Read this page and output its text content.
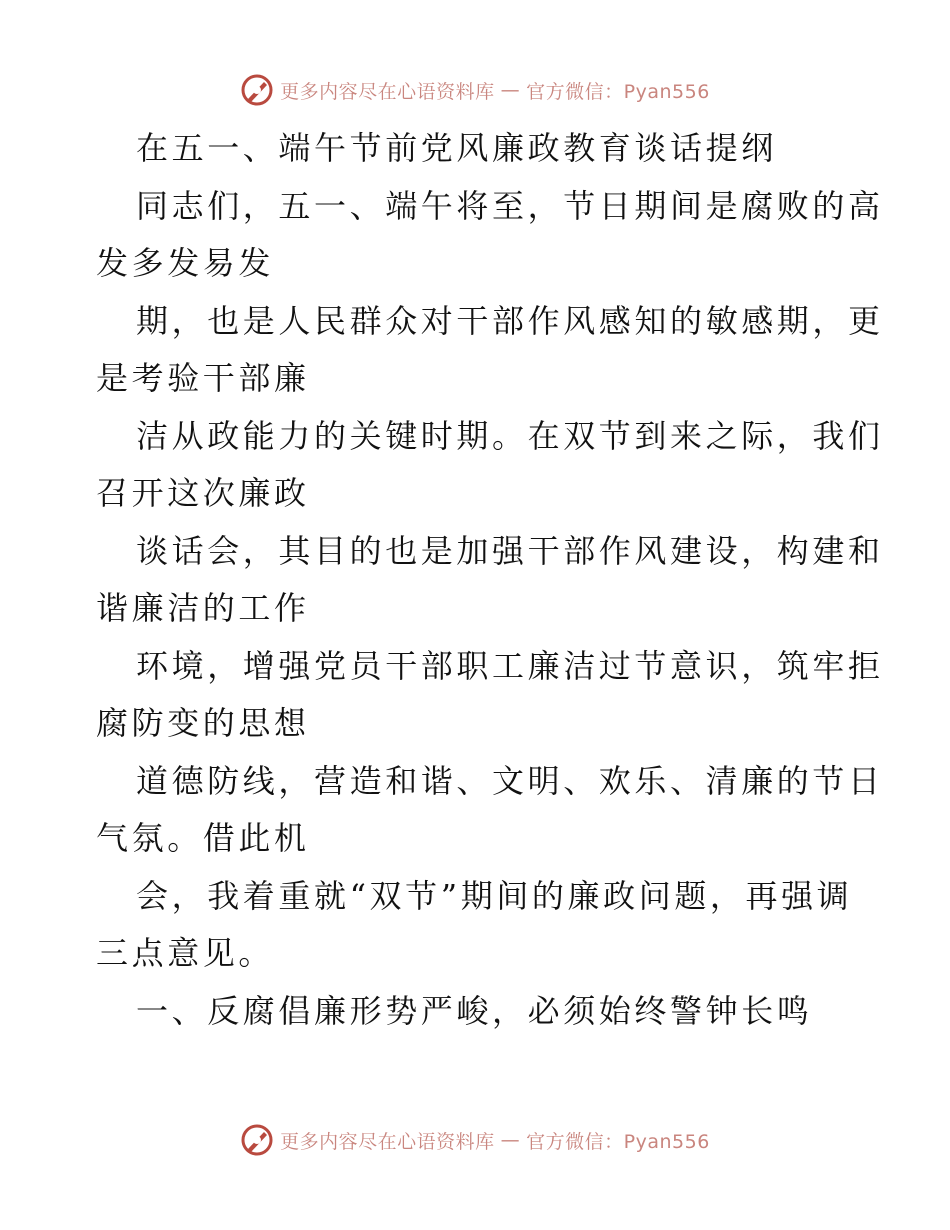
更多内容尽在心语资料库 — 官方微信：Pyan556
在五一、端午节前党风廉政教育谈话提纲
同志们，五一、端午将至，节日期间是腐败的高
发多发易发
期，也是人民群众对干部作风感知的敏感期，更
是考验干部廉
洁从政能力的关键时期。在双节到来之际，我们
召开这次廉政
谈话会，其目的也是加强干部作风建设，构建和
谐廉洁的工作
环境，增强党员干部职工廉洁过节意识，筑牢拒
腐防变的思想
道德防线，营造和谐、文明、欢乐、清廉的节日
气氛。借此机
会，我着重就“双节”期间的廉政问题，再强调
三点意见。
一、反腐倡廉形势严峻，必须始终警钟长鸣
更多内容尽在心语资料库 — 官方微信：Pyan556
